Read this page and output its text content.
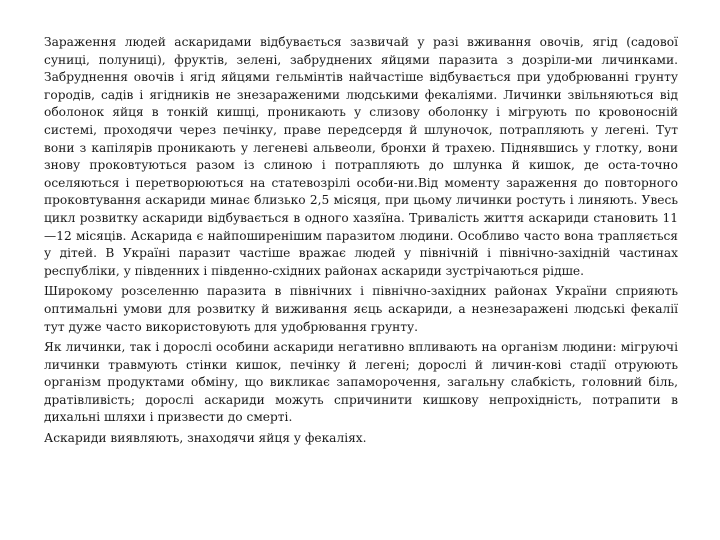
Зараження людей аскаридами відбувається зазвичай у разі вживання овочів, ягід (садової суниці, полуниці), фруктів, зелені, забруднених яйцями паразита з дозріли-ми личинками. Забруднення овочів і ягід яйцями гельмінтів найчастіше відбувається при удобрюванні грунту городів, садів і ягідників не знезараженими людськими фекаліями. Личинки звільняються від оболонок яйця в тонкій кишці, проникають у слизову оболонку і мігрують по кровоносній системі, проходячи через печінку, праве передсердя й шлуночок, потрапляють у легені. Тут вони з капілярів проникають у легеневі альвеоли, бронхи й трахею. Піднявшись у глотку, вони знову проковтуються разом із слиною і потрапляють до шлунка й кишок, де оста-точно оселяються і перетворюються на статевозрілі особи-ни.Від моменту зараження до повторного проковтування аскариди минає близько 2,5 місяця, при цьому личинки ростуть і линяють. Увесь цикл розвитку аскариди відбувається в одного хазяїна. Тривалість життя аскариди становить 11—12 місяців. Аскарида є найпоширенішим паразитом людини. Особливо часто вона трапляється у дітей. В Україні паразит частіше вражає людей у північній і північно-західній частинах республіки, у південних і південно-східних районах аскариди зустрічаються рідше.

Широкому розселенню паразита в північних і північно-західних районах України сприяють оптимальні умови для розвитку й виживання яєць аскариди, а незнезаражені людські фекалії тут дуже часто використовують для удобрювання грунту.

Як личинки, так і дорослі особини аскариди негативно впливають на організм людини: мігруючі личинки травмують стінки кишок, печінку й легені; дорослі й личин-кові стадії отруюють організм продуктами обміну, що викликає запаморочення, загальну слабкість, головний біль, дратівливість; дорослі аскариди можуть спричинити кишкову непрохідність, потрапити в дихальні шляхи і призвести до смерті.

Аскариди виявляють, знаходячи яйця у фекаліях.
